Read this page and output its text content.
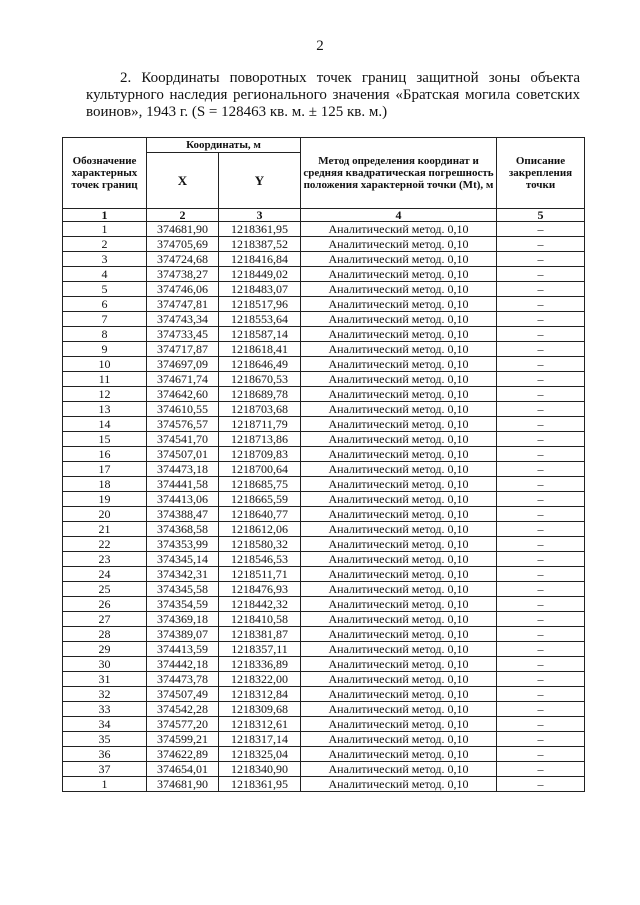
2

2. Координаты поворотных точек границ защитной зоны объекта культурного наследия регионального значения «Братская могила советских воинов», 1943 г. (S = 128463 кв. м. ± 125 кв. м.)

Обозначение характерных точек границ	Координаты, м		Метод определения координат и средняя квадратическая погрешность положения характерной точки (Mt), м	Описание закрепления точки
	X	Y		
1	2	3	4	5
1	374681,90	1218361,95	Аналитический метод. 0,10	–
2	374705,69	1218387,52	Аналитический метод. 0,10	–
3	374724,68	1218416,84	Аналитический метод. 0,10	–
4	374738,27	1218449,02	Аналитический метод. 0,10	–
5	374746,06	1218483,07	Аналитический метод. 0,10	–
6	374747,81	1218517,96	Аналитический метод. 0,10	–
7	374743,34	1218553,64	Аналитический метод. 0,10	–
8	374733,45	1218587,14	Аналитический метод. 0,10	–
9	374717,87	1218618,41	Аналитический метод. 0,10	–
10	374697,09	1218646,49	Аналитический метод. 0,10	–
11	374671,74	1218670,53	Аналитический метод. 0,10	–
12	374642,60	1218689,78	Аналитический метод. 0,10	–
13	374610,55	1218703,68	Аналитический метод. 0,10	–
14	374576,57	1218711,79	Аналитический метод. 0,10	–
15	374541,70	1218713,86	Аналитический метод. 0,10	–
16	374507,01	1218709,83	Аналитический метод. 0,10	–
17	374473,18	1218700,64	Аналитический метод. 0,10	–
18	374441,58	1218685,75	Аналитический метод. 0,10	–
19	374413,06	1218665,59	Аналитический метод. 0,10	–
20	374388,47	1218640,77	Аналитический метод. 0,10	–
21	374368,58	1218612,06	Аналитический метод. 0,10	–
22	374353,99	1218580,32	Аналитический метод. 0,10	–
23	374345,14	1218546,53	Аналитический метод. 0,10	–
24	374342,31	1218511,71	Аналитический метод. 0,10	–
25	374345,58	1218476,93	Аналитический метод. 0,10	–
26	374354,59	1218442,32	Аналитический метод. 0,10	–
27	374369,18	1218410,58	Аналитический метод. 0,10	–
28	374389,07	1218381,87	Аналитический метод. 0,10	–
29	374413,59	1218357,11	Аналитический метод. 0,10	–
30	374442,18	1218336,89	Аналитический метод. 0,10	–
31	374473,78	1218322,00	Аналитический метод. 0,10	–
32	374507,49	1218312,84	Аналитический метод. 0,10	–
33	374542,28	1218309,68	Аналитический метод. 0,10	–
34	374577,20	1218312,61	Аналитический метод. 0,10	–
35	374599,21	1218317,14	Аналитический метод. 0,10	–
36	374622,89	1218325,04	Аналитический метод. 0,10	–
37	374654,01	1218340,90	Аналитический метод. 0,10	–
1	374681,90	1218361,95	Аналитический метод. 0,10	–
